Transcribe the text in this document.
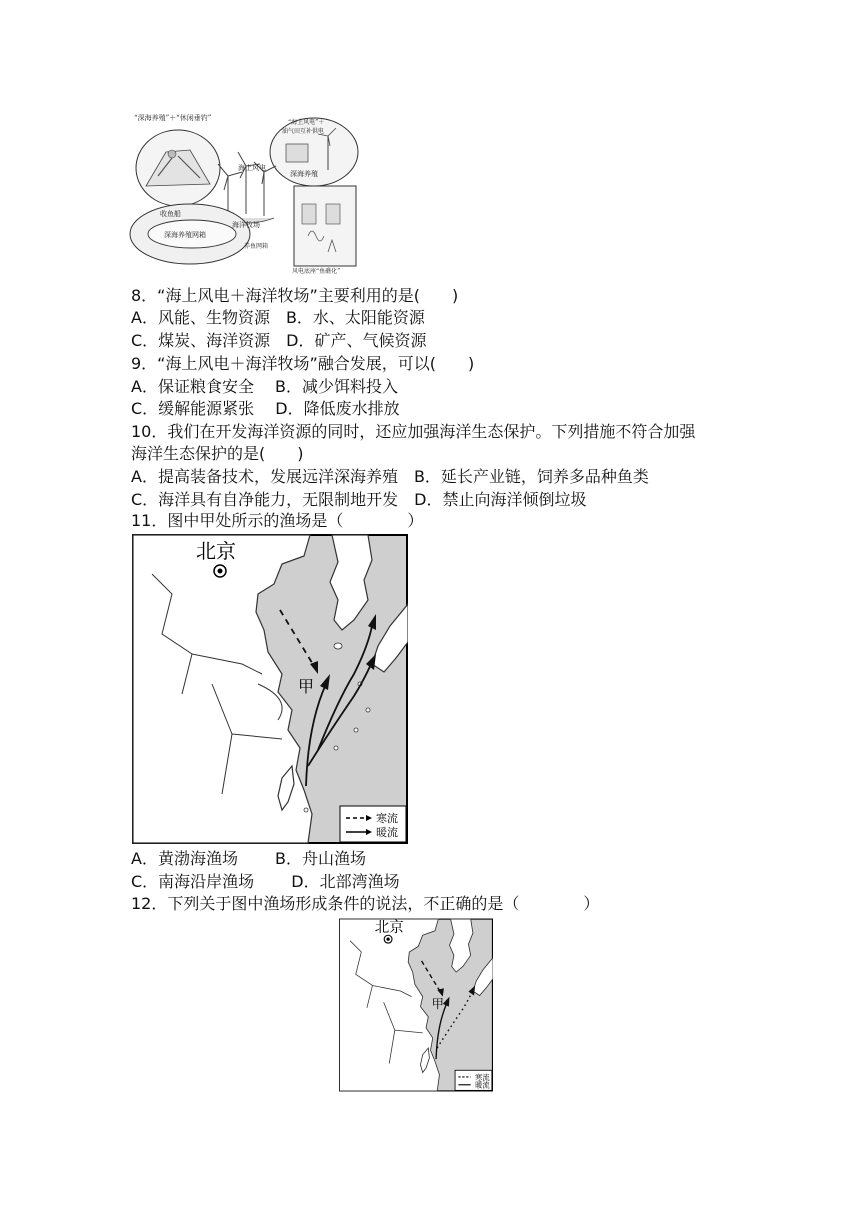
“深海养殖”＋“休闲垂钓”
“海上风电”＋
油气田互补供电
海上风电
深海养殖
收鱼船
深海养殖网箱
海洋牧场
养鱼网箱
风电底座“鱼礁化”
8．“海上风电＋海洋牧场”主要利用的是(　　)
A．风能、生物资源　B．水、太阳能资源
C．煤炭、海洋资源　D．矿产、气候资源
9．“海上风电＋海洋牧场”融合发展，可以(　　)
A．保证粮食安全　 B．减少饵料投入
C．缓解能源紧张　 D．降低废水排放
10．我们在开发海洋资源的同时，还应加强海洋生态保护。下列措施不符合加强
海洋生态保护的是(　　)
A．提高装备技术，发展远洋深海养殖　B．延长产业链，饲养多品种鱼类
C．海洋具有自净能力，无限制地开发　D．禁止向海洋倾倒垃圾
11．图中甲处所示的渔场是（　　　　）
北京
甲
寒流
暖流
A．黄渤海渔场　　 B．舟山渔场
C．南海沿岸渔场　　 D．北部湾渔场
12．下列关于图中渔场形成条件的说法，不正确的是（　　　　）
北京
甲
寒流
暖流
